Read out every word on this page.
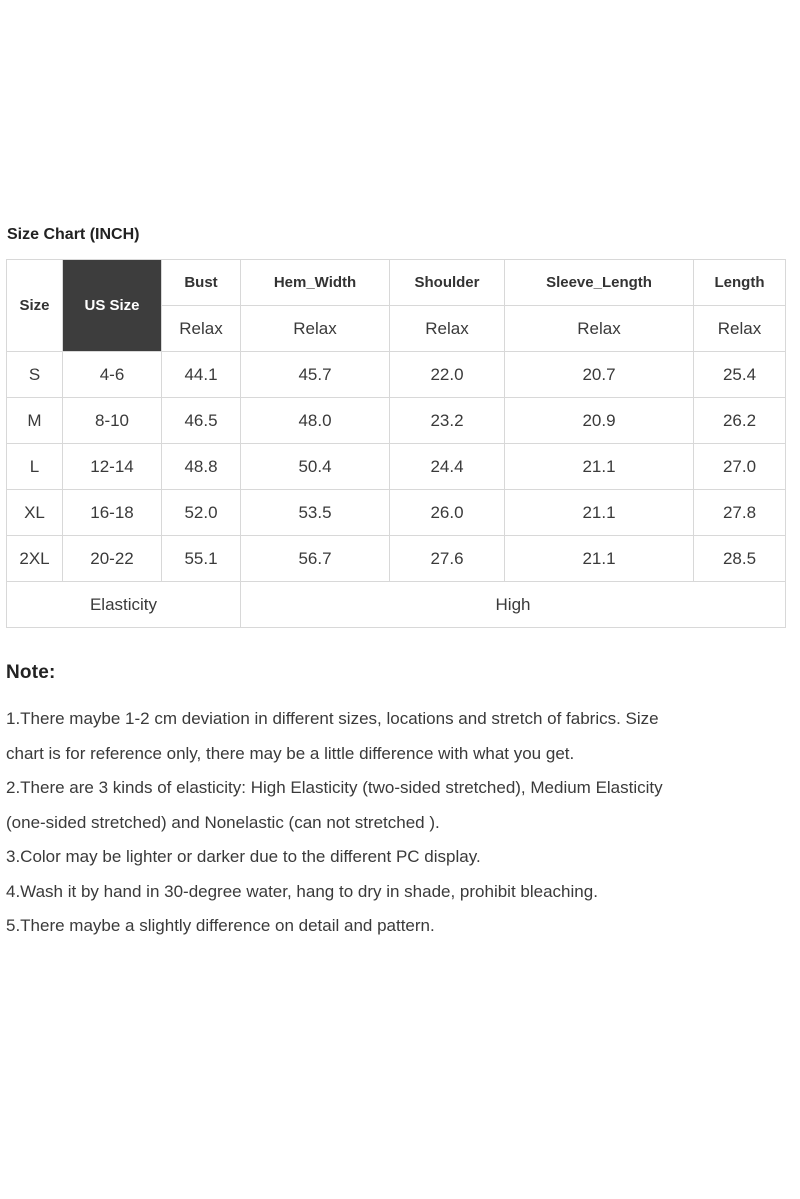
Size Chart (INCH)
Size	US Size	Bust	Hem_Width	Shoulder	Sleeve_Length	Length
		Relax	Relax	Relax	Relax	Relax
S	4-6	44.1	45.7	22.0	20.7	25.4
M	8-10	46.5	48.0	23.2	20.9	26.2
L	12-14	48.8	50.4	24.4	21.1	27.0
XL	16-18	52.0	53.5	26.0	21.1	27.8
2XL	20-22	55.1	56.7	27.6	21.1	28.5
Elasticity			High			

Note:

1.There maybe 1-2 cm deviation in different sizes, locations and stretch of fabrics. Size

chart is for reference only, there may be a little difference with what you get.

2.There are 3 kinds of elasticity: High Elasticity (two-sided stretched), Medium Elasticity

(one-sided stretched) and Nonelastic (can not stretched ).

3.Color may be lighter or darker due to the different PC display.

4.Wash it by hand in 30-degree water, hang to dry in shade, prohibit bleaching.

5.There maybe a slightly difference on detail and pattern.
